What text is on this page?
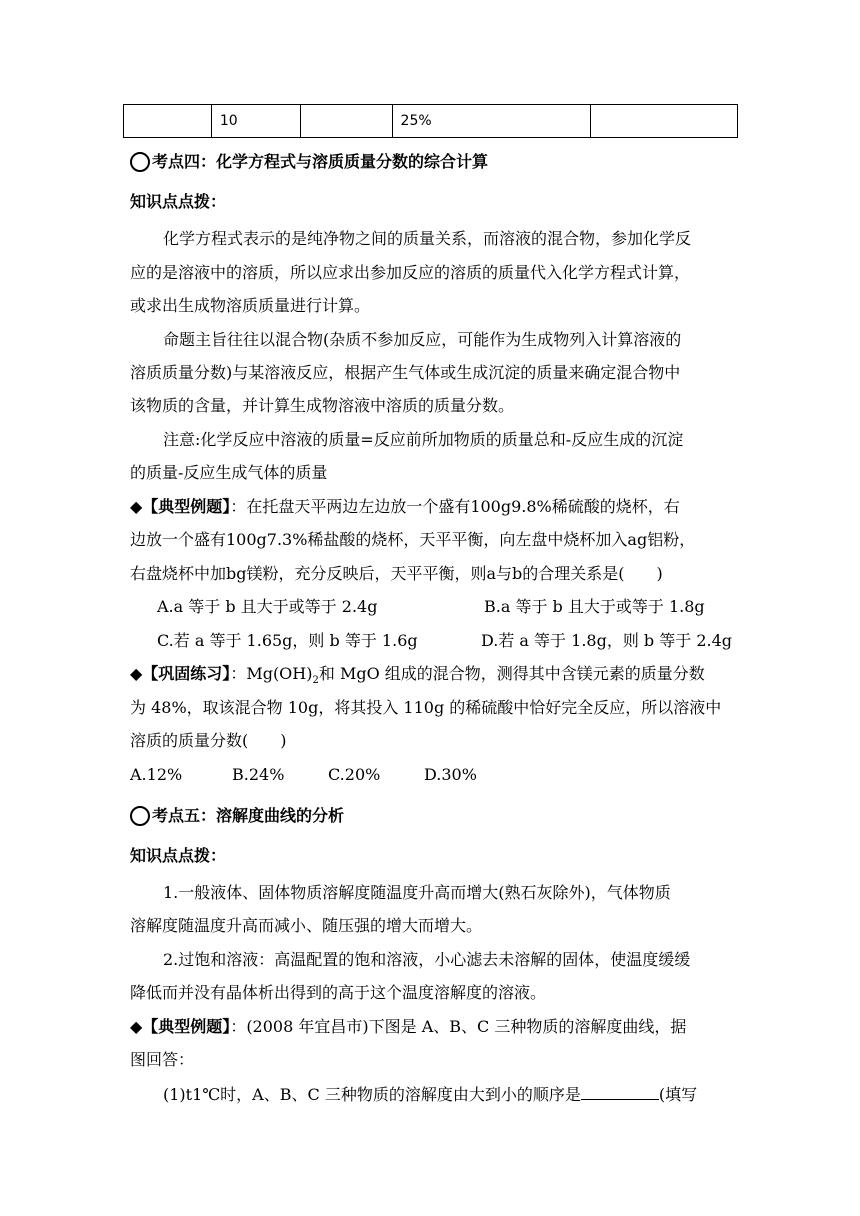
	10		25%	
考点四：化学方程式与溶质质量分数的综合计算
知识点点拨：
化学方程式表示的是纯净物之间的质量关系，而溶液的混合物，参加化学反
应的是溶液中的溶质，所以应求出参加反应的溶质的质量代入化学方程式计算，
或求出生成物溶质质量进行计算。
命题主旨往往以混合物(杂质不参加反应，可能作为生成物列入计算溶液的
溶质质量分数)与某溶液反应，根据产生气体或生成沉淀的质量来确定混合物中
该物质的含量，并计算生成物溶液中溶质的质量分数。
注意:化学反应中溶液的质量=反应前所加物质的质量总和-反应生成的沉淀
的质量-反应生成气体的质量
◆【典型例题】：在托盘天平两边左边放一个盛有100g9.8%稀硫酸的烧杯，右
边放一个盛有100g7.3%稀盐酸的烧杯，天平平衡，向左盘中烧杯加入ag铝粉，
右盘烧杯中加bg镁粉，充分反映后，天平平衡，则a与b的合理关系是(　　)
A.a 等于 b 且大于或等于 2.4g	B.a 等于 b 且大于或等于 1.8g
C.若 a 等于 1.65g，则 b 等于 1.6g	D.若 a 等于 1.8g，则 b 等于 2.4g
◆【巩固练习】：$Mg(OH)_2$和 MgO 组成的混合物，测得其中含镁元素的质量分数
为 48%，取该混合物 10g，将其投入 110g 的稀硫酸中恰好完全反应，所以溶液中
溶质的质量分数(　　)
A.12%	B.24%	C.20%	D.30%
考点五：溶解度曲线的分析
知识点点拨：
1.一般液体、固体物质溶解度随温度升高而增大(熟石灰除外)，气体物质
溶解度随温度升高而减小、随压强的增大而增大。
2.过饱和溶液：高温配置的饱和溶液，小心滤去未溶解的固体，使温度缓缓
降低而并没有晶体析出得到的高于这个温度溶解度的溶液。
◆【典型例题】：(2008 年宜昌市)下图是 A、B、C 三种物质的溶解度曲线，据
图回答：
(1)t1℃时，A、B、C 三种物质的溶解度由大到小的顺序是	(填写
